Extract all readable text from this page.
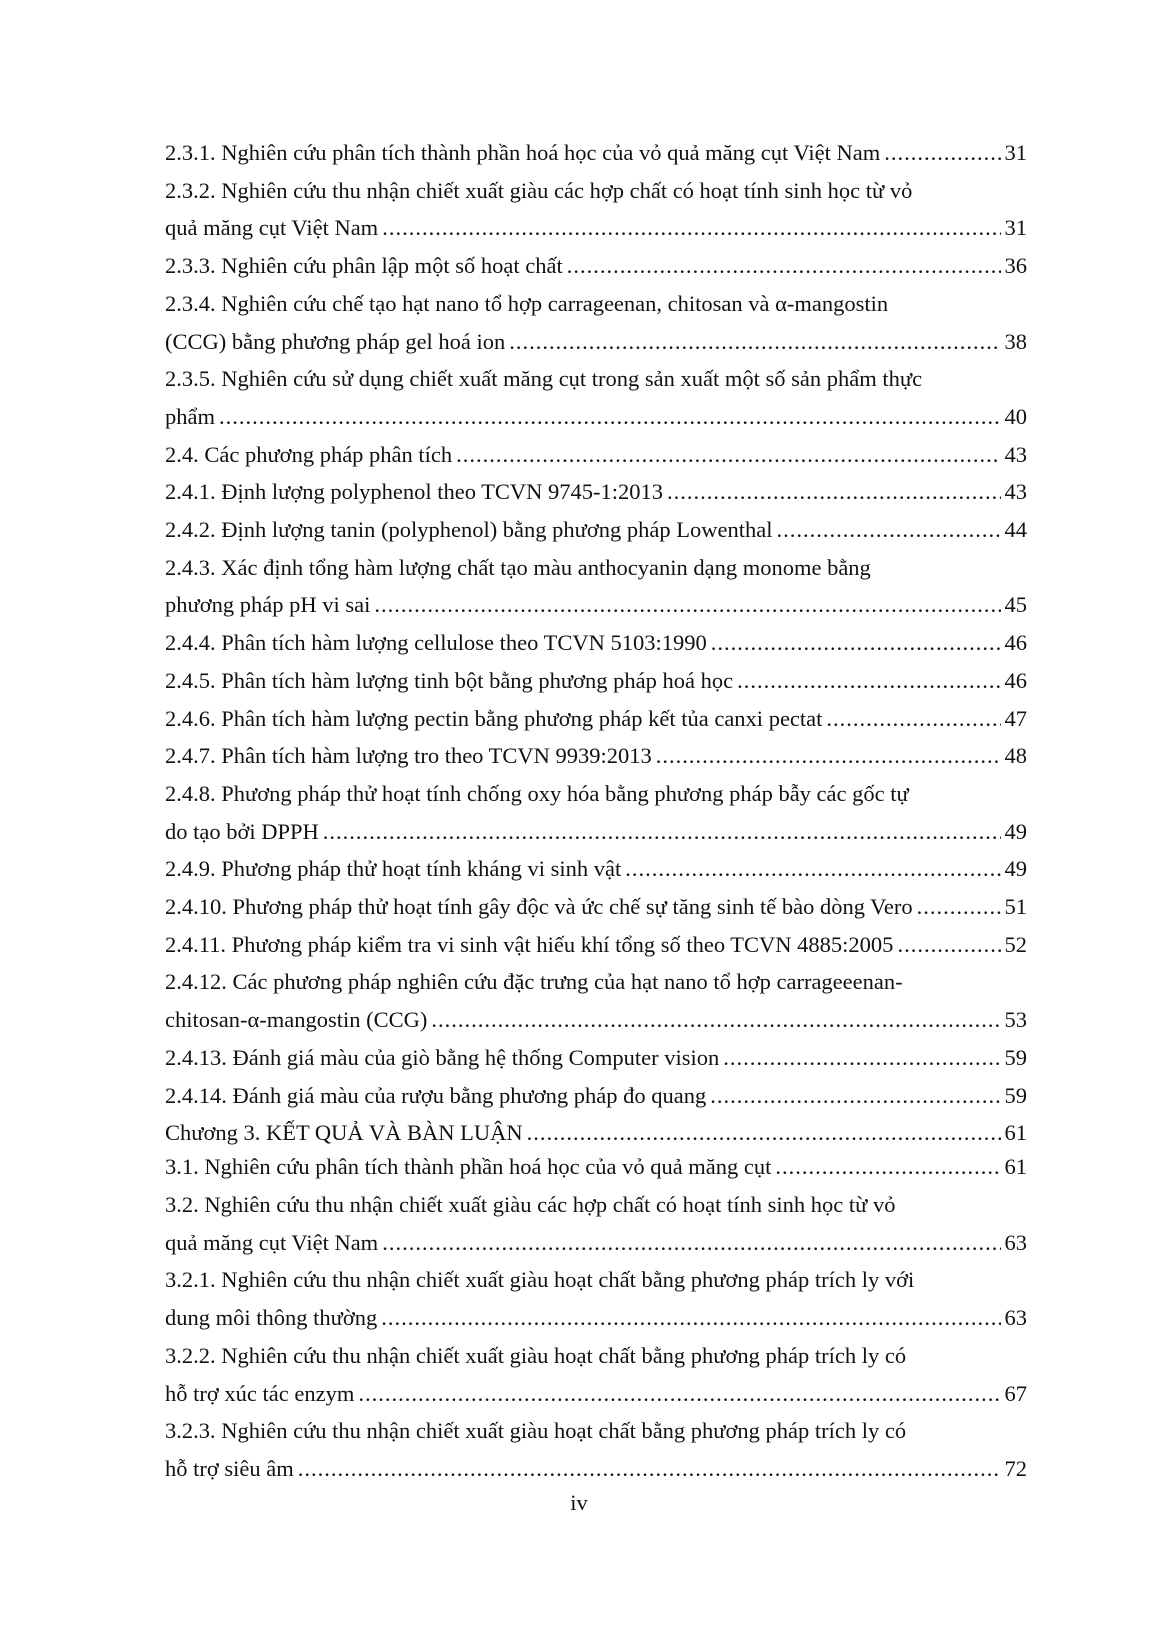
2.3.1. Nghiên cứu phân tích thành phần hoá học của vỏ quả măng cụt Việt Nam .....	31
2.3.2. Nghiên cứu thu nhận chiết xuất giàu các hợp chất có hoạt tính sinh học từ vỏ
quả măng cụt Việt Nam .....	31
2.3.3. Nghiên cứu phân lập một số hoạt chất .....	36
2.3.4. Nghiên cứu chế tạo hạt nano tổ hợp carrageenan, chitosan và α-mangostin
(CCG) bằng phương pháp gel hoá ion .....	38
2.3.5. Nghiên cứu sử dụng chiết xuất măng cụt trong sản xuất một số sản phẩm thực
phẩm .....	40
2.4. Các phương pháp phân tích .....	43
2.4.1. Định lượng polyphenol theo TCVN 9745-1:2013 .....	43
2.4.2. Định lượng tanin (polyphenol) bằng phương pháp Lowenthal .....	44
2.4.3. Xác định tổng hàm lượng chất tạo màu anthocyanin dạng monome bằng
phương pháp pH vi sai .....	45
2.4.4. Phân tích hàm lượng cellulose theo TCVN 5103:1990 .....	46
2.4.5. Phân tích hàm lượng tinh bột bằng phương pháp hoá học .....	46
2.4.6. Phân tích hàm lượng pectin bằng phương pháp kết tủa canxi pectat .....	47
2.4.7. Phân tích hàm lượng tro theo TCVN 9939:2013 .....	48
2.4.8. Phương pháp thử hoạt tính chống oxy hóa bằng phương pháp bẫy các gốc tự
do tạo bởi DPPH .....	49
2.4.9. Phương pháp thử hoạt tính kháng vi sinh vật .....	49
2.4.10. Phương pháp thử hoạt tính gây độc và ức chế sự tăng sinh tế bào dòng Vero .....	51
2.4.11. Phương pháp kiểm tra vi sinh vật hiếu khí tổng số theo TCVN 4885:2005 .....	52
2.4.12. Các phương pháp nghiên cứu đặc trưng của hạt nano tổ hợp carrageeenan-
chitosan-α-mangostin (CCG) .....	53
2.4.13. Đánh giá màu của giò bằng hệ thống Computer vision .....	59
2.4.14. Đánh giá màu của rượu bằng phương pháp đo quang .....	59
Chương 3. KẾT QUẢ VÀ BÀN LUẬN .....	61
3.1. Nghiên cứu phân tích thành phần hoá học của vỏ quả măng cụt .....	61
3.2. Nghiên cứu thu nhận chiết xuất giàu các hợp chất có hoạt tính sinh học từ vỏ
quả măng cụt Việt Nam .....	63
3.2.1. Nghiên cứu thu nhận chiết xuất giàu hoạt chất bằng phương pháp trích ly với
dung môi thông thường .....	63
3.2.2. Nghiên cứu thu nhận chiết xuất giàu hoạt chất bằng phương pháp trích ly có
hỗ trợ xúc tác enzym .....	67
3.2.3. Nghiên cứu thu nhận chiết xuất giàu hoạt chất bằng phương pháp trích ly có
hỗ trợ siêu âm .....	72
iv
